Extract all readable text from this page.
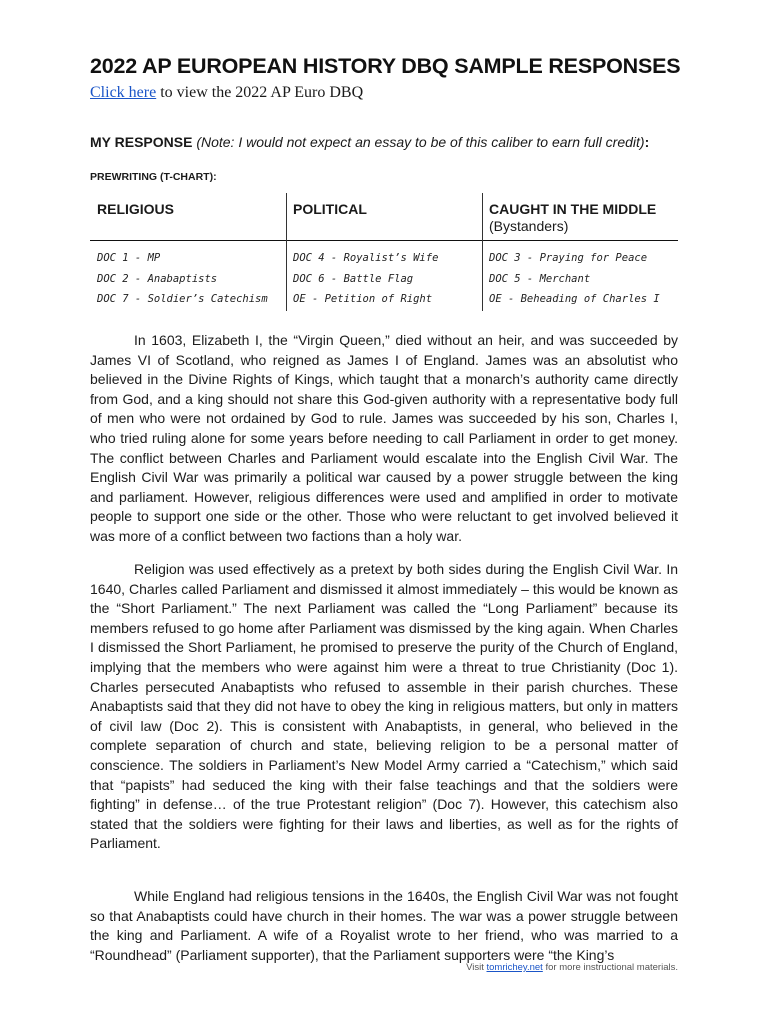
2022 AP EUROPEAN HISTORY DBQ SAMPLE RESPONSES
Click here to view the 2022 AP Euro DBQ
MY RESPONSE (Note: I would not expect an essay to be of this caliber to earn full credit):
PREWRITING (T-CHART):
RELIGIOUS
DOC 1 - MP
DOC 2 - Anabaptists
DOC 7 - Soldier’s Catechism
POLITICAL
DOC 4 - Royalist’s Wife
DOC 6 - Battle Flag
OE - Petition of Right
CAUGHT IN THE MIDDLE
(Bystanders)
DOC 3 - Praying for Peace
DOC 5 - Merchant
OE - Beheading of Charles I

In 1603, Elizabeth I, the “Virgin Queen,” died without an heir, and was succeeded by James VI of Scotland, who reigned as James I of England. James was an absolutist who believed in the Divine Rights of Kings, which taught that a monarch’s authority came directly from God, and a king should not share this God-given authority with a representative body full of men who were not ordained by God to rule. James was succeeded by his son, Charles I, who tried ruling alone for some years before needing to call Parliament in order to get money. The conflict between Charles and Parliament would escalate into the English Civil War. The English Civil War was primarily a political war caused by a power struggle between the king and parliament. However, religious differences were used and amplified in order to motivate people to support one side or the other. Those who were reluctant to get involved believed it was more of a conflict between two factions than a holy war.

Religion was used effectively as a pretext by both sides during the English Civil War. In 1640, Charles called Parliament and dismissed it almost immediately – this would be known as the “Short Parliament.” The next Parliament was called the “Long Parliament” because its members refused to go home after Parliament was dismissed by the king again. When Charles I dismissed the Short Parliament, he promised to preserve the purity of the Church of England, implying that the members who were against him were a threat to true Christianity (Doc 1). Charles persecuted Anabaptists who refused to assemble in their parish churches. These Anabaptists said that they did not have to obey the king in religious matters, but only in matters of civil law (Doc 2). This is consistent with Anabaptists, in general, who believed in the complete separation of church and state, believing religion to be a personal matter of conscience. The soldiers in Parliament’s New Model Army carried a “Catechism,” which said that “papists” had seduced the king with their false teachings and that the soldiers were fighting” in defense… of the true Protestant religion” (Doc 7). However, this catechism also stated that the soldiers were fighting for their laws and liberties, as well as for the rights of Parliament.

While England had religious tensions in the 1640s, the English Civil War was not fought so that Anabaptists could have church in their homes. The war was a power struggle between the king and Parliament. A wife of a Royalist wrote to her friend, who was married to a “Roundhead” (Parliament supporter), that the Parliament supporters were “the King’s

Visit tomrichey.net for more instructional materials.
